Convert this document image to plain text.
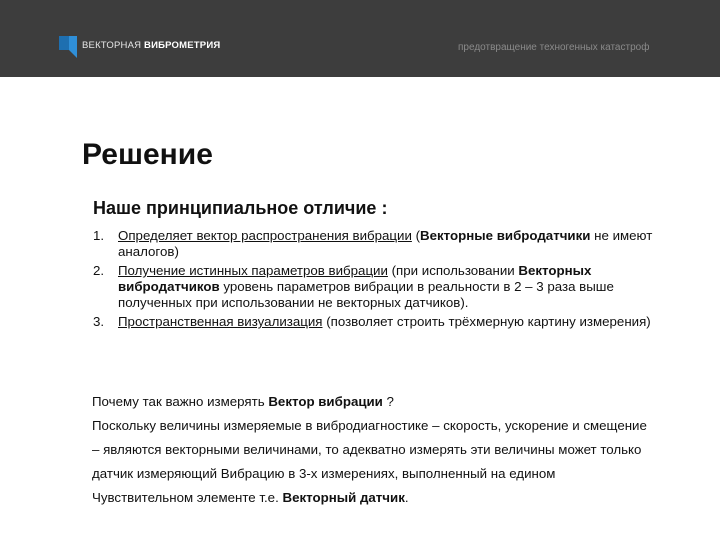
ВЕКТОРНАЯ ВИБРОМЕТРИЯ	предотвращение техногенных катастроф
Решение
Наше принципиальное отличие :
1. Определяет вектор распространения вибрации (Векторные вибродатчики не имеют аналогов)
2. Получение истинных параметров вибрации (при использовании Векторных вибродатчиков уровень параметров вибрации в реальности в 2 – 3 раза выше полученных при использовании не векторных датчиков).
3. Пространственная визуализация (позволяет строить трёхмерную картину измерения)

Почему так важно измерять Вектор вибрации ?
Поскольку величины измеряемые в вибродиагностике – скорость, ускорение и смещение – являются векторными величинами, то адекватно измерять эти величины может только датчик измеряющий Вибрацию в 3-х измерениях, выполненный на едином Чувствительном элементе т.е. Векторный датчик.
